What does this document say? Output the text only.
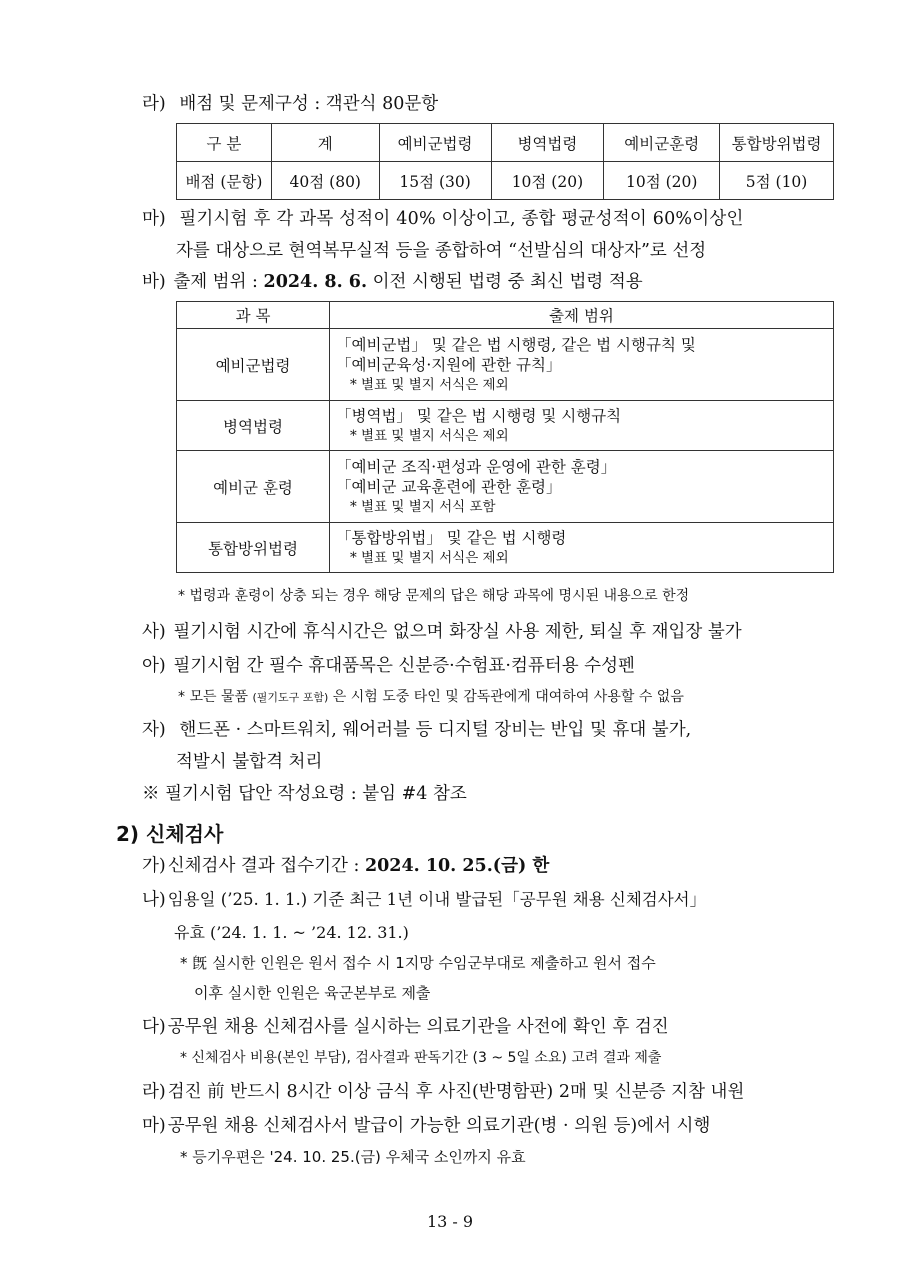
라) 배점 및 문제구성 : 객관식 80문항
구 분	계	예비군법령	병역법령	예비군훈령	통합방위법령
배점 (문항)	40점 (80)	15점 (30)	10점 (20)	10점 (20)	5점 (10)
마) 필기시험 후 각 과목 성적이 40% 이상이고, 종합 평균성적이 60%이상인
자를 대상으로 현역복무실적 등을 종합하여 “선발심의 대상자”로 선정
바) 출제 범위 : 2024. 8. 6. 이전 시행된 법령 중 최신 법령 적용
과 목	출제 범위
예비군법령	「예비군법」 및 같은 법 시행령, 같은 법 시행규칙 및
「예비군육성·지원에 관한 규칙」
* 별표 및 별지 서식은 제외

병역법령	「병역법」 및 같은 법 시행령 및 시행규칙
* 별표 및 별지 서식은 제외

예비군 훈령	「예비군 조직·편성과 운영에 관한 훈령」
「예비군 교육훈련에 관한 훈령」
* 별표 및 별지 서식 포함

통합방위법령	「통합방위법」 및 같은 법 시행령
* 별표 및 별지 서식은 제외
* 법령과 훈령이 상충 되는 경우 해당 문제의 답은 해당 과목에 명시된 내용으로 한정
사) 필기시험 시간에 휴식시간은 없으며 화장실 사용 제한, 퇴실 후 재입장 불가
아) 필기시험 간 필수 휴대품목은 신분증·수험표·컴퓨터용 수성펜
* 모든 물품 (필기도구 포함) 은 시험 도중 타인 및 감독관에게 대여하여 사용할 수 없음
자) 핸드폰 · 스마트워치, 웨어러블 등 디지털 장비는 반입 및 휴대 불가,
적발시 불합격 처리
※ 필기시험 답안 작성요령 : 붙임 #4 참조
2) 신체검사
가) 신체검사 결과 접수기간 : 2024. 10. 25.(금) 한
나) 임용일 (’25. 1. 1.) 기준 최근 1년 이내 발급된「공무원 채용 신체검사서」
유효 (’24. 1. 1. ~ ’24. 12. 31.)
* 旣 실시한 인원은 원서 접수 시 1지망 수임군부대로 제출하고 원서 접수
이후 실시한 인원은 육군본부로 제출
다) 공무원 채용 신체검사를 실시하는 의료기관을 사전에 확인 후 검진
* 신체검사 비용(본인 부담), 검사결과 판독기간 (3 ~ 5일 소요) 고려 결과 제출
라) 검진 前 반드시 8시간 이상 금식 후 사진(반명함판) 2매 및 신분증 지참 내원
마) 공무원 채용 신체검사서 발급이 가능한 의료기관(병 · 의원 등)에서 시행
* 등기우편은 '24. 10. 25.(금) 우체국 소인까지 유효
13 - 9
